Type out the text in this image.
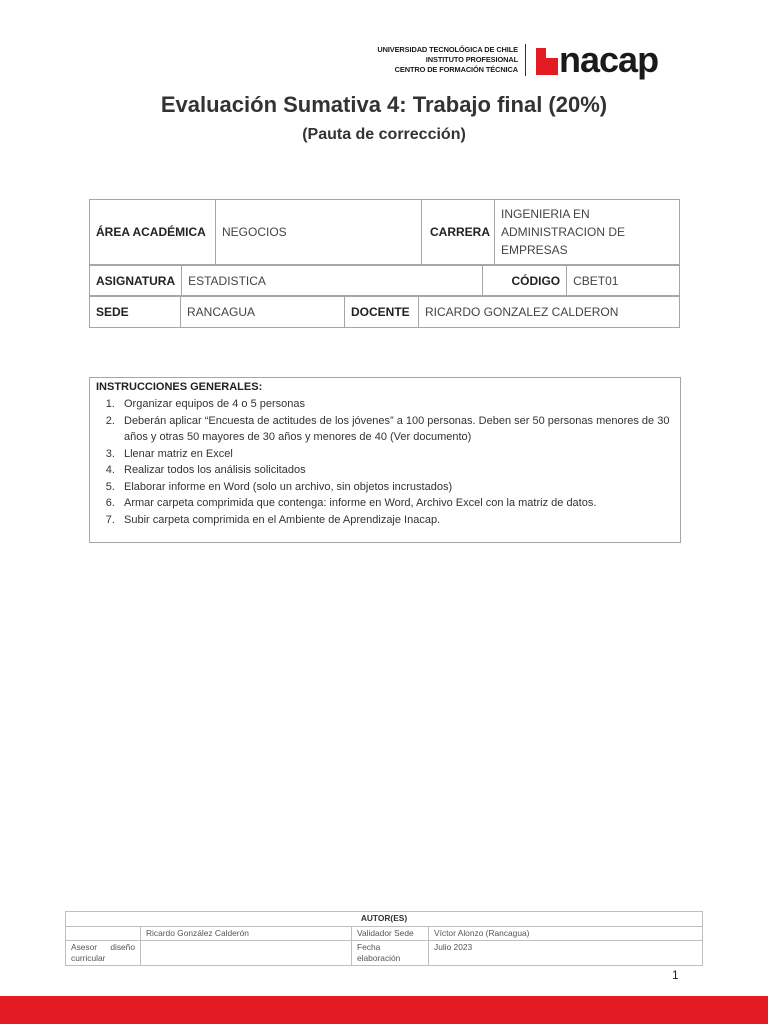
UNIVERSIDAD TECNOLÓGICA DE CHILE
INSTITUTO PROFESIONAL
CENTRO DE FORMACIÓN TÉCNICA nacap
Evaluación Sumativa 4: Trabajo final (20%)
(Pauta de corrección)
ÁREA ACADÉMICA	NEGOCIOS	CARRERA	INGENIERIA EN ADMINISTRACION DE EMPRESAS
ASIGNATURA	ESTADISTICA	CÓDIGO	CBET01
SEDE	RANCAGUA	DOCENTE	RICARDO GONZALEZ CALDERON
INSTRUCCIONES GENERALES:
1. Organizar equipos de 4 o 5 personas
2. Deberán aplicar “Encuesta de actitudes de los jóvenes” a 100 personas. Deben ser 50 personas menores de 30 años y otras 50 mayores de 30 años y menores de 40 (Ver documento)
3. Llenar matriz en Excel
4. Realizar todos los análisis solicitados
5. Elaborar informe en Word (solo un archivo, sin objetos incrustados)
6. Armar carpeta comprimida que contenga: informe en Word, Archivo Excel con la matriz de datos.
7. Subir carpeta comprimida en el Ambiente de Aprendizaje Inacap.
AUTOR(ES)			
	Ricardo González Calderón	Validador Sede	Víctor Alonzo (Rancagua)
Asesor diseño curricular		Fecha elaboración	Julio 2023
1
